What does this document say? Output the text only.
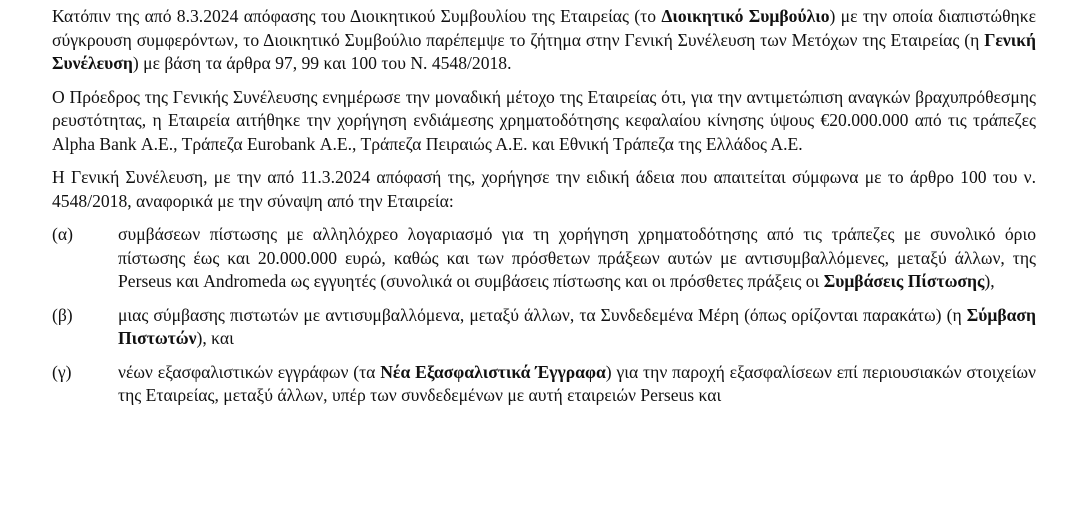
Κατόπιν της από 8.3.2024 απόφασης του Διοικητικού Συμβουλίου της Εταιρείας (το Διοικητικό Συμβούλιο) με την οποία διαπιστώθηκε σύγκρουση συμφερόντων, το Διοικητικό Συμβούλιο παρέπεμψε το ζήτημα στην Γενική Συνέλευση των Μετόχων της Εταιρείας (η Γενική Συνέλευση) με βάση τα άρθρα 97, 99 και 100 του Ν. 4548/2018.

Ο Πρόεδρος της Γενικής Συνέλευσης ενημέρωσε την μοναδική μέτοχο της Εταιρείας ότι, για την αντιμετώπιση αναγκών βραχυπρόθεσμης ρευστότητας, η Εταιρεία αιτήθηκε την χορήγηση ενδιάμεσης χρηματοδότησης κεφαλαίου κίνησης ύψους €20.000.000 από τις τράπεζες Alpha Bank Α.Ε., Τράπεζα Eurobank Α.Ε., Τράπεζα Πειραιώς Α.Ε. και Εθνική Τράπεζα της Ελλάδος Α.Ε.

Η Γενική Συνέλευση, με την από 11.3.2024 απόφασή της, χορήγησε την ειδική άδεια που απαιτείται σύμφωνα με το άρθρο 100 του ν. 4548/2018, αναφορικά με την σύναψη από την Εταιρεία:

(α)	συμβάσεων πίστωσης με αλληλόχρεο λογαριασμό για τη χορήγηση χρηματοδότησης από τις τράπεζες με συνολικό όριο πίστωσης έως και 20.000.000 ευρώ, καθώς και των πρόσθετων πράξεων αυτών με αντισυμβαλλόμενες, μεταξύ άλλων, της Perseus και Andromeda ως εγγυητές (συνολικά οι συμβάσεις πίστωσης και οι πρόσθετες πράξεις οι Συμβάσεις Πίστωσης),
(β)	μιας σύμβασης πιστωτών με αντισυμβαλλόμενα, μεταξύ άλλων, τα Συνδεδεμένα Μέρη (όπως ορίζονται παρακάτω) (η Σύμβαση Πιστωτών), και
(γ)	νέων εξασφαλιστικών εγγράφων (τα Νέα Εξασφαλιστικά Έγγραφα) για την παροχή εξασφαλίσεων επί περιουσιακών στοιχείων της Εταιρείας, μεταξύ άλλων, υπέρ των συνδεδεμένων με αυτή εταιρειών Perseus και
